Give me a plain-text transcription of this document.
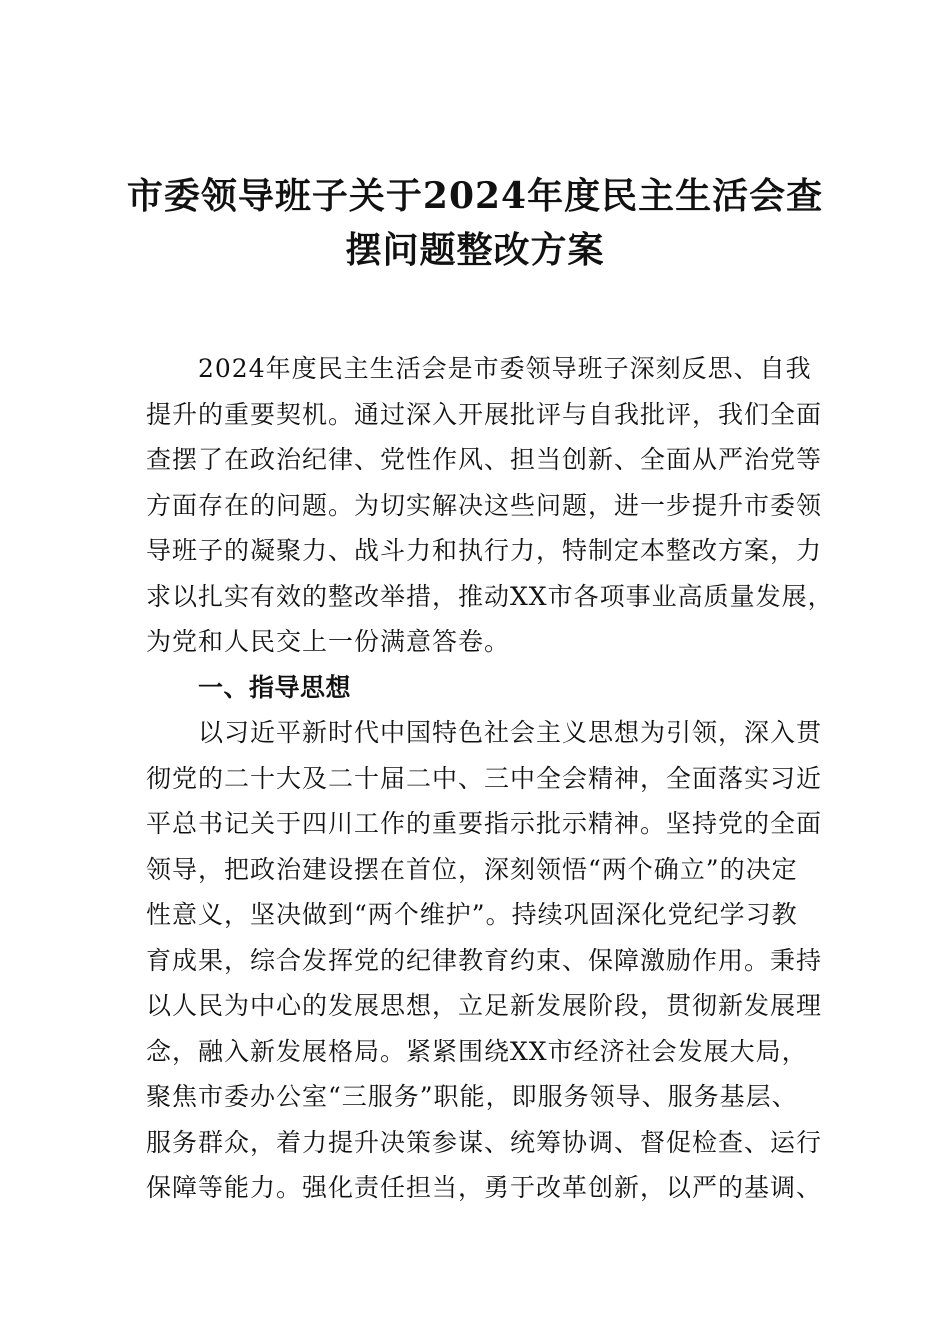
市委领导班子关于2024年度民主生活会查
摆问题整改方案
2024年度民主生活会是市委领导班子深刻反思、自我
提升的重要契机。通过深入开展批评与自我批评，我们全面
查摆了在政治纪律、党性作风、担当创新、全面从严治党等
方面存在的问题。为切实解决这些问题，进一步提升市委领
导班子的凝聚力、战斗力和执行力，特制定本整改方案，力
求以扎实有效的整改举措，推动XX市各项事业高质量发展，
为党和人民交上一份满意答卷。
一、指导思想
以习近平新时代中国特色社会主义思想为引领，深入贯
彻党的二十大及二十届二中、三中全会精神，全面落实习近
平总书记关于四川工作的重要指示批示精神。坚持党的全面
领导，把政治建设摆在首位，深刻领悟“两个确立”的决定
性意义，坚决做到“两个维护”。持续巩固深化党纪学习教
育成果，综合发挥党的纪律教育约束、保障激励作用。秉持
以人民为中心的发展思想，立足新发展阶段，贯彻新发展理
念，融入新发展格局。紧紧围绕XX市经济社会发展大局，
聚焦市委办公室“三服务”职能，即服务领导、服务基层、
服务群众，着力提升决策参谋、统筹协调、督促检查、运行
保障等能力。强化责任担当，勇于改革创新，以严的基调、
